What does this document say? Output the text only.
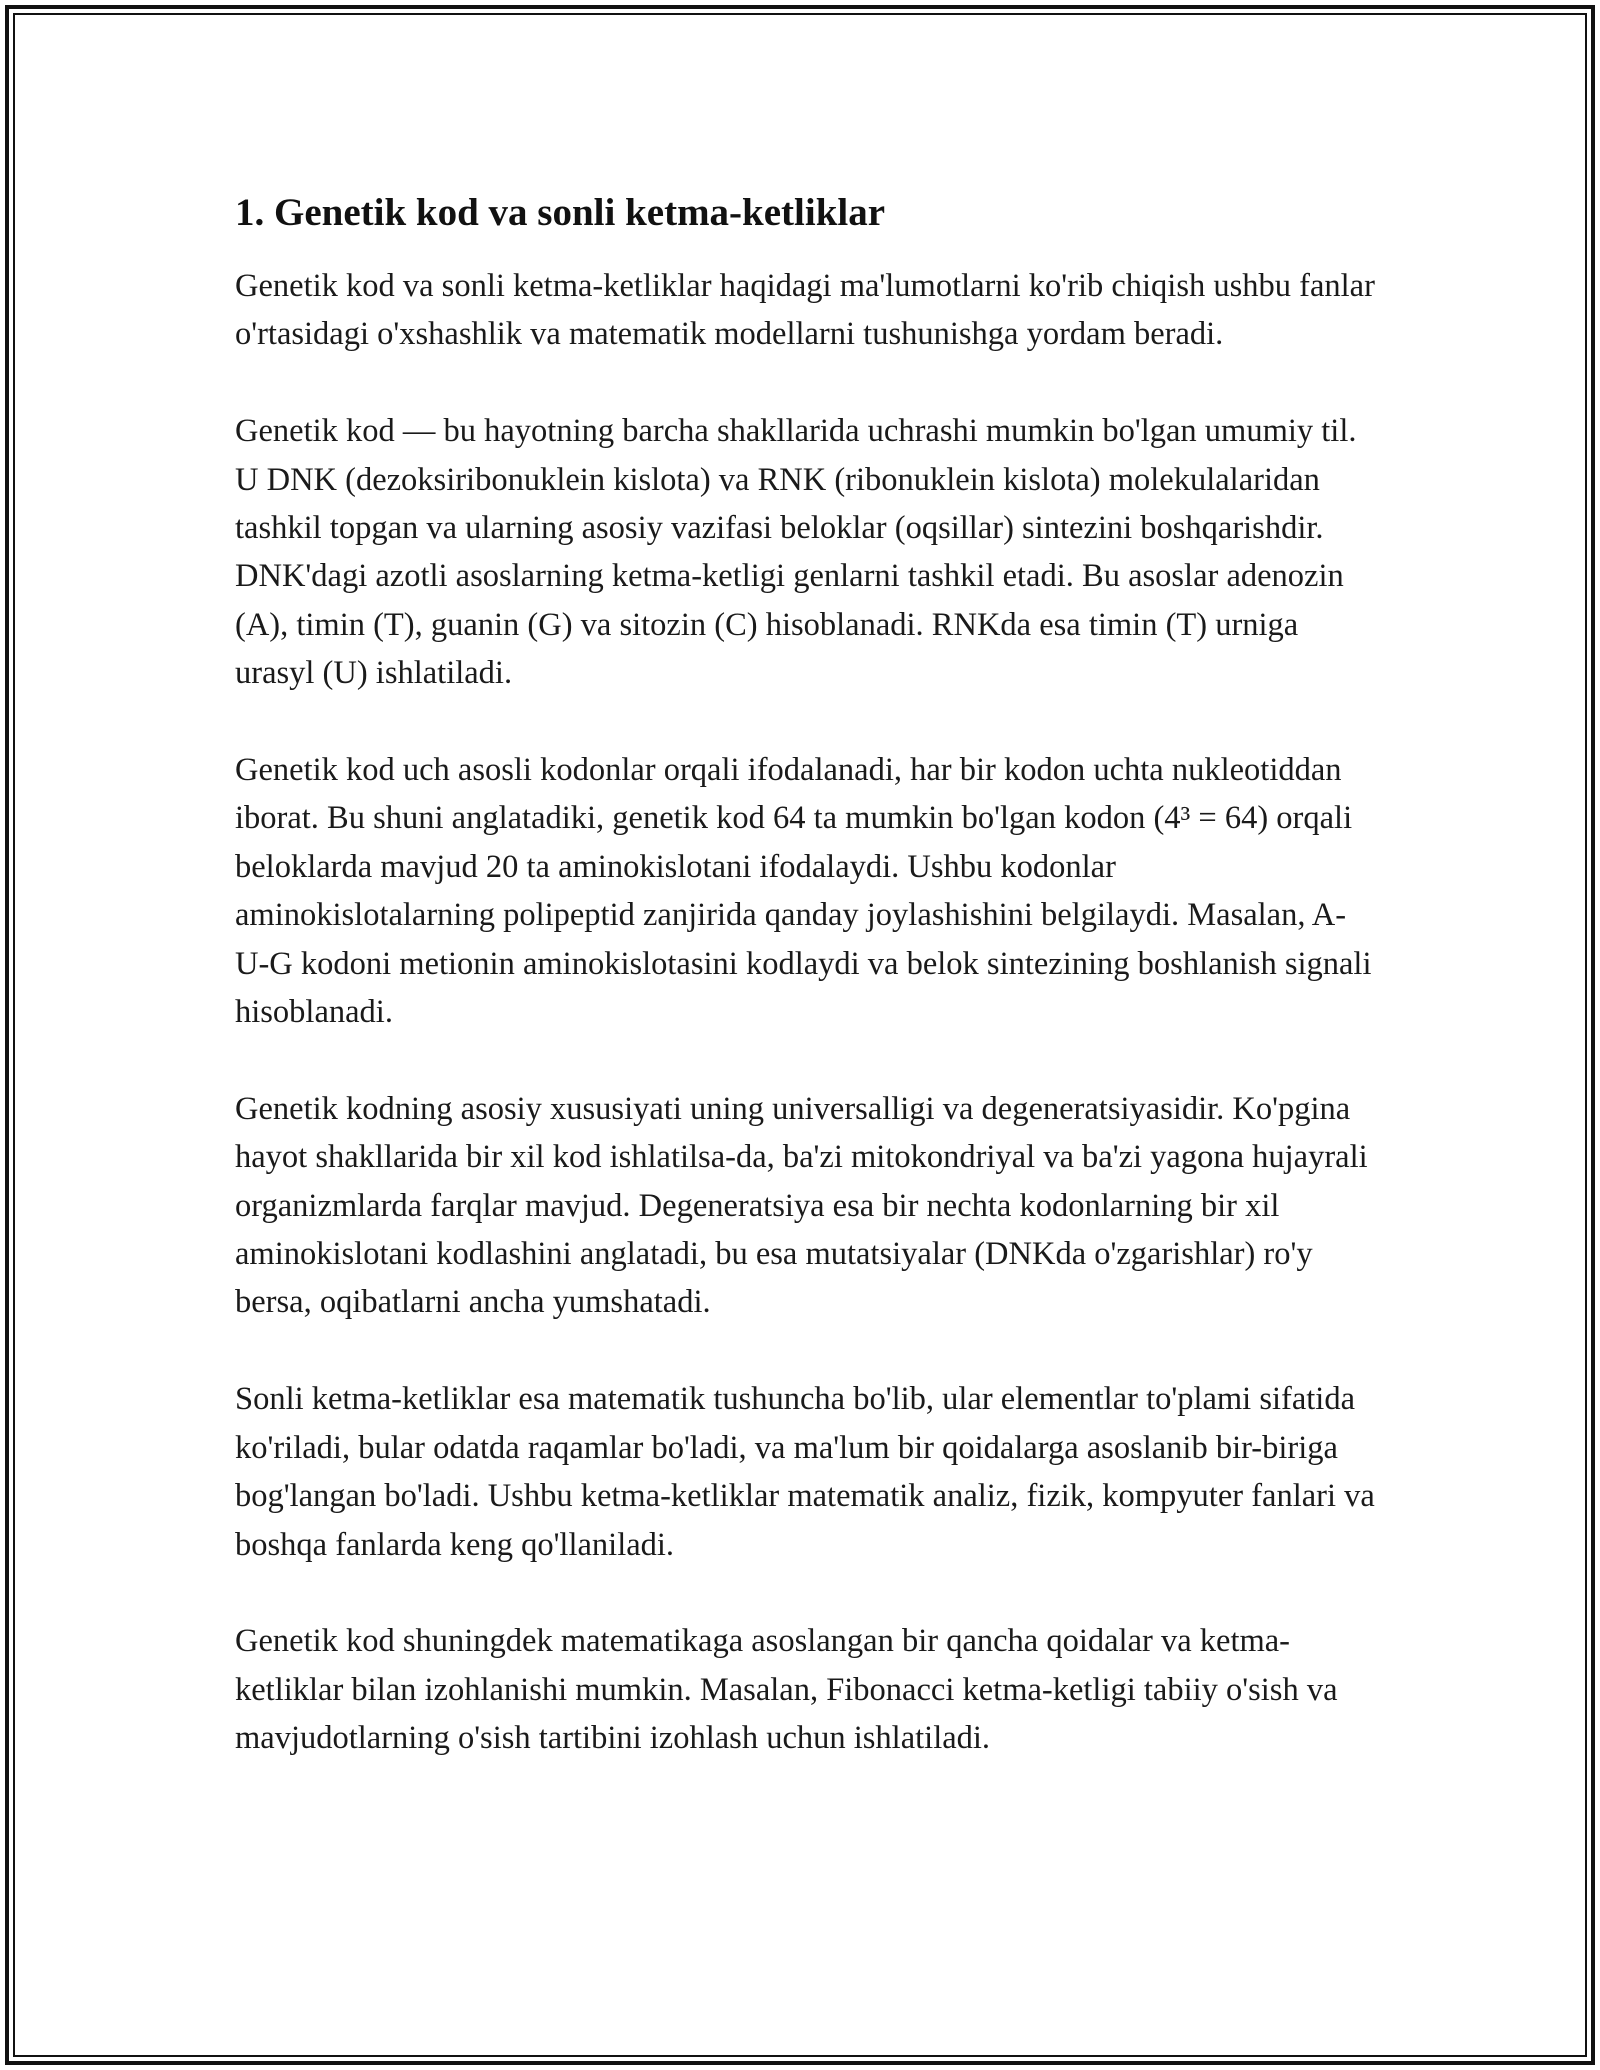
1. Genetik kod va sonli ketma-ketliklar

Genetik kod va sonli ketma-ketliklar haqidagi ma'lumotlarni ko'rib chiqish ushbu fanlar o'rtasidagi o'xshashlik va matematik modellarni tushunishga yordam beradi.

Genetik kod — bu hayotning barcha shakllarida uchrashi mumkin bo'lgan umumiy til. U DNK (dezoksiribonuklein kislota) va RNK (ribonuklein kislota) molekulalaridan tashkil topgan va ularning asosiy vazifasi beloklar (oqsillar) sintezini boshqarishdir. DNK'dagi azotli asoslarning ketma-ketligi genlarni tashkil etadi. Bu asoslar adenozin (A), timin (T), guanin (G) va sitozin (C) hisoblanadi. RNKda esa timin (T) urniga urasyl (U) ishlatiladi.

Genetik kod uch asosli kodonlar orqali ifodalanadi, har bir kodon uchta nukleotiddan iborat. Bu shuni anglatadiki, genetik kod 64 ta mumkin bo'lgan kodon (4³ = 64) orqali beloklarda mavjud 20 ta aminokislotani ifodalaydi. Ushbu kodonlar aminokislotalarning polipeptid zanjirida qanday joylashishini belgilaydi. Masalan, A-U-G kodoni metionin aminokislotasini kodlaydi va belok sintezining boshlanish signali hisoblanadi.

Genetik kodning asosiy xususiyati uning universalligi va degeneratsiyasidir. Ko'pgina hayot shakllarida bir xil kod ishlatilsa-da, ba'zi mitokondriyal va ba'zi yagona hujayrali organizmlarda farqlar mavjud. Degeneratsiya esa bir nechta kodonlarning bir xil aminokislotani kodlashini anglatadi, bu esa mutatsiyalar (DNKda o'zgarishlar) ro'y bersa, oqibatlarni ancha yumshatadi.

Sonli ketma-ketliklar esa matematik tushuncha bo'lib, ular elementlar to'plami sifatida ko'riladi, bular odatda raqamlar bo'ladi, va ma'lum bir qoidalarga asoslanib bir-biriga bog'langan bo'ladi. Ushbu ketma-ketliklar matematik analiz, fizik, kompyuter fanlari va boshqa fanlarda keng qo'llaniladi.

Genetik kod shuningdek matematikaga asoslangan bir qancha qoidalar va ketma-ketliklar bilan izohlanishi mumkin. Masalan, Fibonacci ketma-ketligi tabiiy o'sish va mavjudotlarning o'sish tartibini izohlash uchun ishlatiladi.
